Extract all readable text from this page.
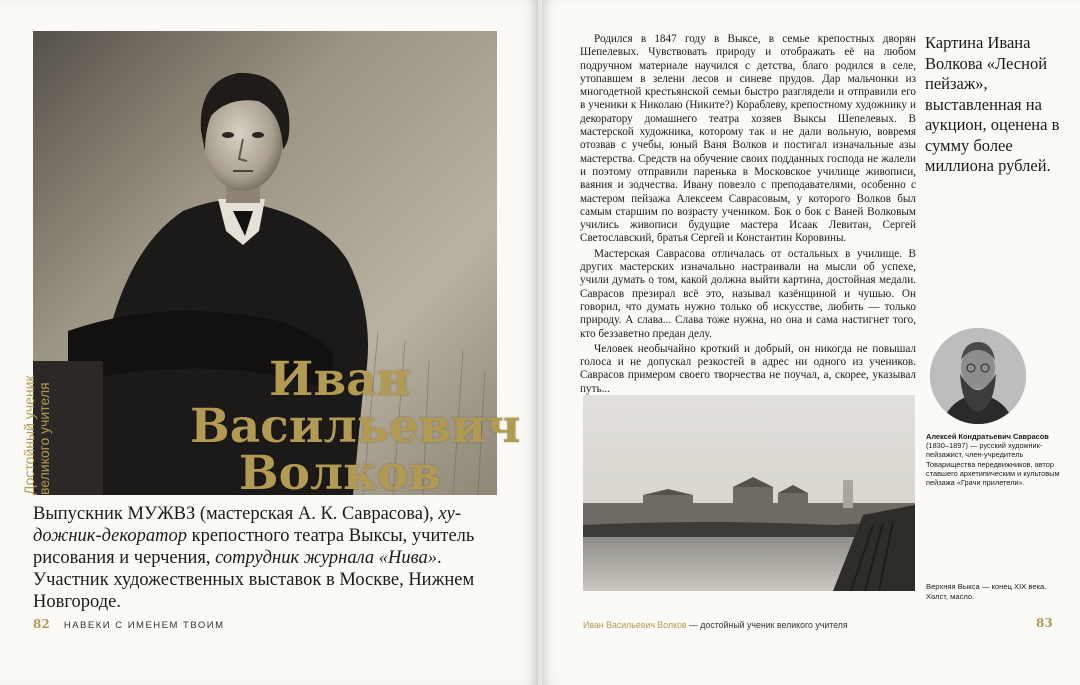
Достойный ученик великого учителя
Иван
Васильевич
Волков
Выпускник МУЖВЗ (мастерская А. К. Саврасова), ху-
дожник-декоратор крепостного театра Выксы, учитель
рисования и черчения, сотрудник журнала «Нива».
Участник художественных выставок в Москве, Нижнем
Новгороде.
82 НАВЕКИ С ИМЕНЕМ ТВОИМ

Родился в 1847 году в Выксе, в семье крепостных дворян Шепелевых. Чувствовать природу и отображать её на любом подручном материале научился с детства, благо родился в селе, утопавшем в зелени лесов и синеве прудов. Дар мальчонки из многодетной крестьянской семьи быстро разглядели и отправили его в ученики к Николаю (Никите?) Кораблеву, крепостному художнику и декоратору домашнего театра хозяев Выксы Шепелевых. В мастерской художника, которому так и не дали вольную, вовремя отозвав с учебы, юный Ваня Волков и постигал изначальные азы мастерства. Средств на обучение своих подданных господа не жалели и поэтому отправили паренька в Московское училище живописи, ваяния и зодчества. Ивану повезло с преподавателями, особенно с мастером пейзажа Алексеем Саврасовым, у которого Волков был самым старшим по возрасту учеником. Бок о бок с Ваней Волковым учились живописи будущие мастера Исаак Левитан, Сергей Светославский, братья Сергей и Константин Коровины.

Мастерская Саврасова отличалась от остальных в училище. В других мастерских изначально настраивали на мысли об успехе, учили думать о том, какой должна выйти картина, достойная медали. Саврасов презирал всё это, называл казёнщиной и чушью. Он говорил, что думать нужно только об искусстве, любить — только природу. А слава... Слава тоже нужна, но она и сама настигнет того, кто беззаветно предан делу.

Человек необычайно кроткий и добрый, он никогда не повышал голоса и не допускал резкостей в адрес ни одного из учеников. Саврасов примером своего творчества не поучал, а, скорее, указывал путь...

Картина Ивана Волкова «Лесной пейзаж», выставленная на аукцион, оценена в сумму более миллиона рублей.
Алексей Кондратьевич Саврасов
(1830–1897) — русский художник-пейзажист, член-учредитель Товарищества передвижников, автор ставшего архетипическим и культовым пейзажа «Грачи прилетели».
Верхняя Выкса — конец XIX века. Холст, масло.
Иван Васильевич Волков — достойный ученик великого учителя	83
